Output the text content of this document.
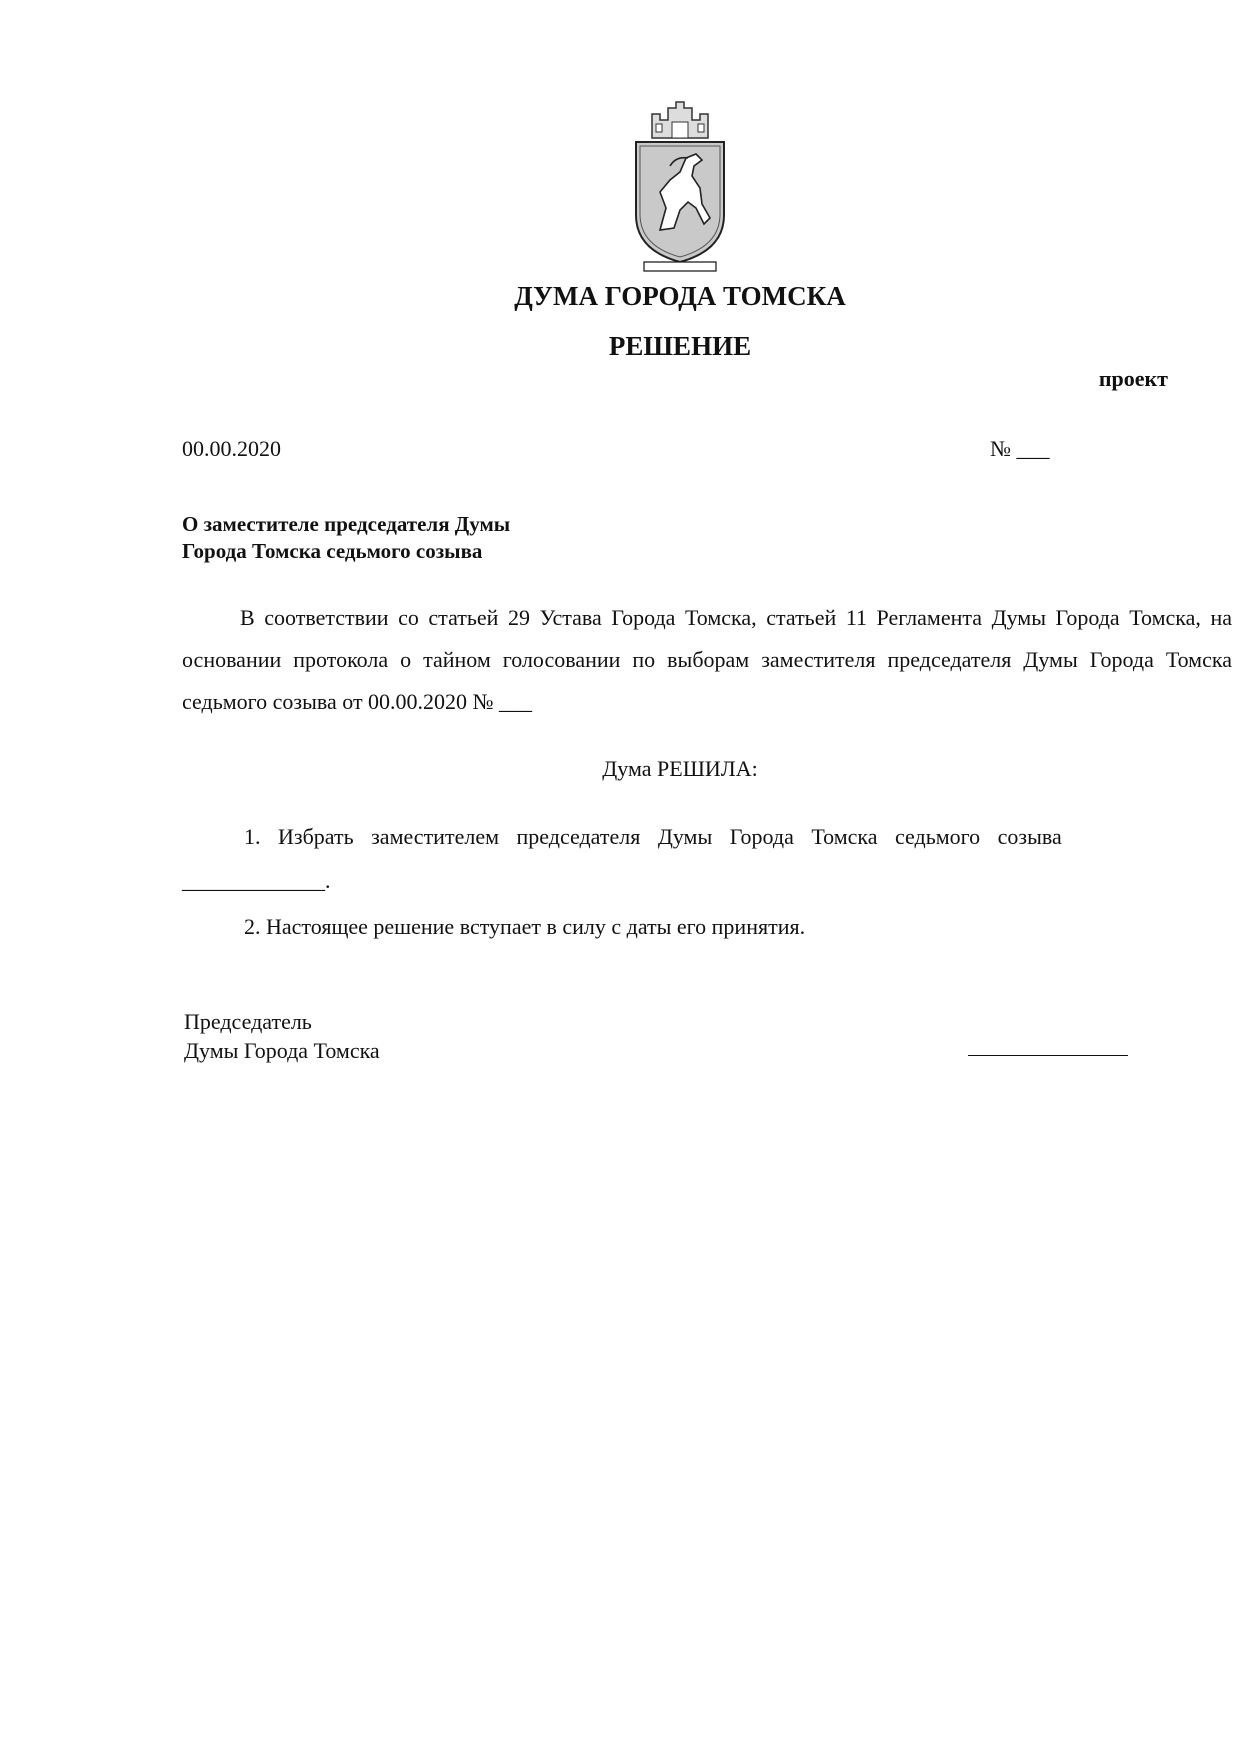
ДУМА ГОРОДА ТОМСКА
РЕШЕНИЕ
проект
00.00.2020	№ ___
О заместителе председателя Думы
Города Томска седьмого созыва
В соответствии со статьей 29 Устава Города Томска, статьей 11 Регламента Думы Города Томска, на основании протокола о тайном голосовании по выборам заместителя председателя Думы Города Томска седьмого созыва от 00.00.2020 № ___
Дума РЕШИЛА:
1. Избрать заместителем председателя Думы Города Томска седьмого созыва
_____________.
2. Настоящее решение вступает в силу с даты его принятия.
Председатель
Думы Города Томска
